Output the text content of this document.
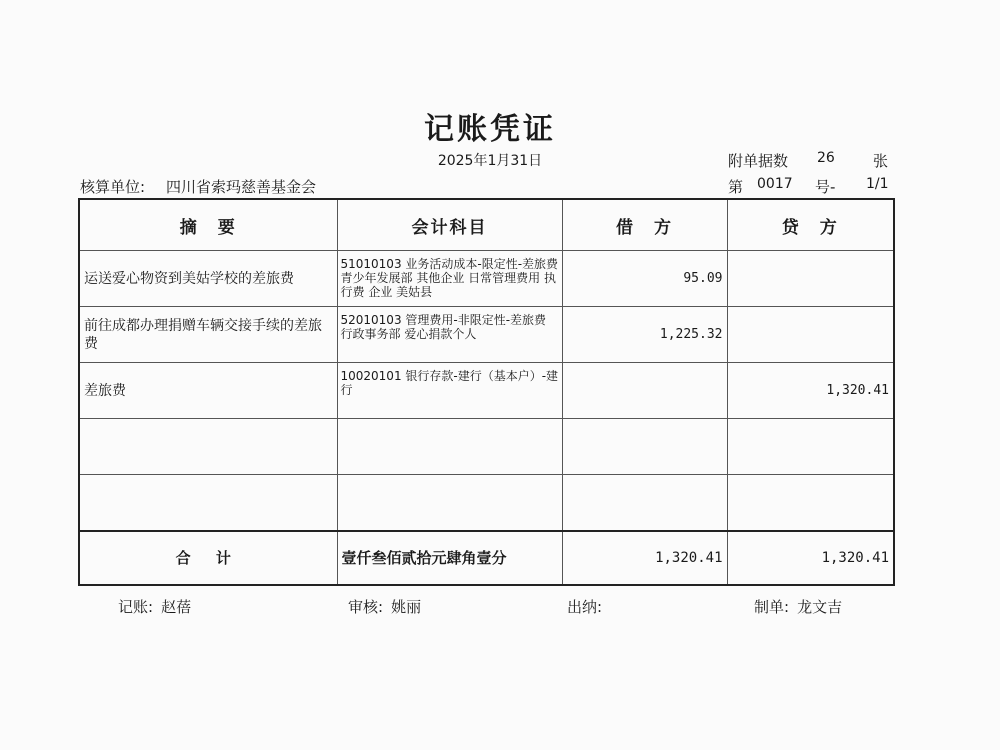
记账凭证
2025年1月31日	附单据数 26	张
核算单位: 四川省索玛慈善基金会	第 0017 号- 1/1
摘　要	会计科目	借　方	贷　方
运送爱心物资到美姑学校的差旅费	51010103 业务活动成本-限定性-差旅费 青少年发展部 其他企业 日常管理费用 执行费 企业 美姑县	95.09	
前往成都办理捐赠车辆交接手续的差旅费	52010103 管理费用-非限定性-差旅费 行政事务部 爱心捐款个人	1,225.32	
差旅费	10020101 银行存款-建行（基本户）-建行		1,320.41

合 计	壹仟叁佰贰拾元肆角壹分	1,320.41	1,320.41
记账: 赵蓓	审核: 姚丽	出纳:	制单: 龙文吉
